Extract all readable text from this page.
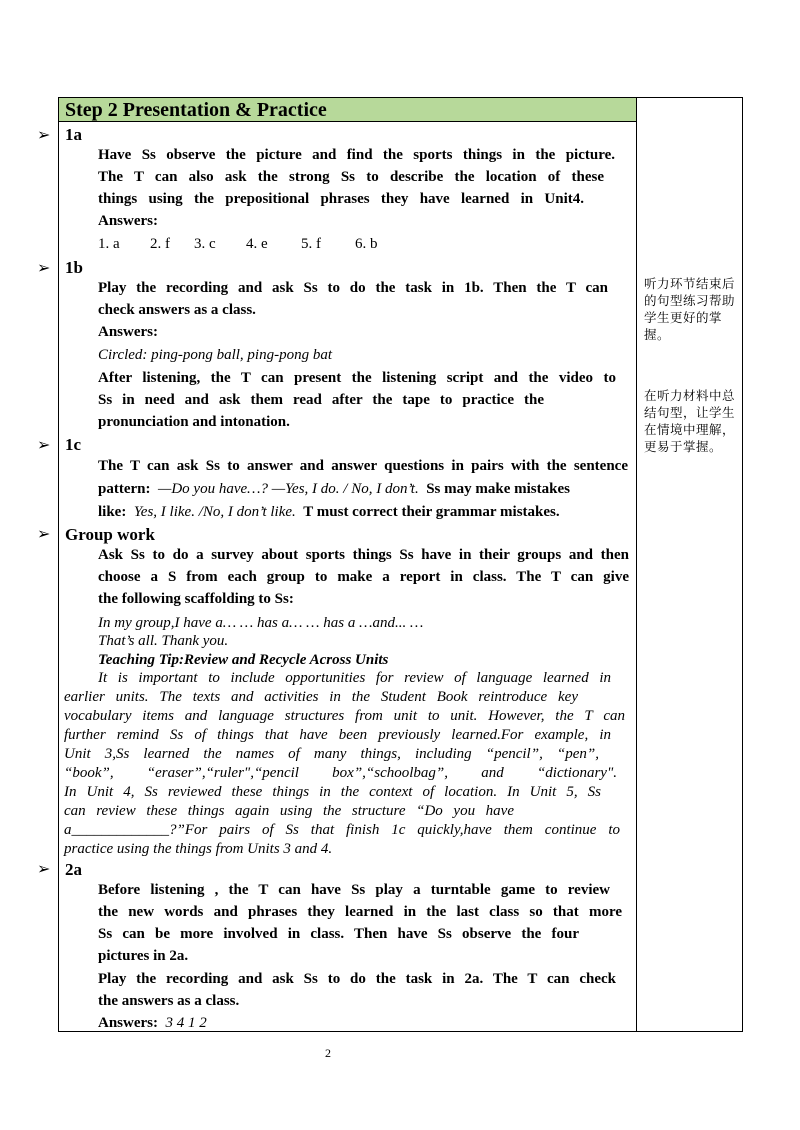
➢
➢
➢
➢
➢
Step 2 Presentation & Practice
1a
Have Ss observe the picture and find the sports things in the picture.
The T can also ask the strong Ss to describe the location of these
things using the prepositional phrases they have learned in Unit4.
Answers:
1. a 2. f 3. c 4. e 5. f 6. b
1b
Play the recording and ask Ss to do the task in 1b. Then the T can
check answers as a class.
Answers:
Circled: ping-pong ball, ping-pong bat
After listening, the T can present the listening script and the video to
Ss in need and ask them read after the tape to practice the
pronunciation and intonation.
1c
The T can ask Ss to answer and answer questions in pairs with the sentence
pattern: —Do you have…? —Yes, I do. / No, I don’t. Ss may make mistakes
like: Yes, I like. /No, I don’t like. T must correct their grammar mistakes.
Group work
Ask Ss to do a survey about sports things Ss have in their groups and then
choose a S from each group to make a report in class. The T can give
the following scaffolding to Ss:
In my group,I have a… … has a… … has a …and... …
That’s all. Thank you.
Teaching Tip:Review and Recycle Across Units
It is important to include opportunities for review of language learned in
earlier units. The texts and activities in the Student Book reintroduce key
vocabulary items and language structures from unit to unit. However, the T can
further remind Ss of things that have been previously learned.For example, in
Unit 3,Ss learned the names of many things, including “pencil”, “pen”,
“book”, “eraser”,“ruler",“pencil box”,“schoolbag”, and “dictionary".
In Unit 4, Ss reviewed these things in the context of location. In Unit 5, Ss
can review these things again using the structure “Do you have
a_____________?”For pairs of Ss that finish 1c quickly,have them continue to
practice using the things from Units 3 and 4.
2a
Before listening , the T can have Ss play a turntable game to review
the new words and phrases they learned in the last class so that more
Ss can be more involved in class. Then have Ss observe the four
pictures in 2a.
Play the recording and ask Ss to do the task in 2a. The T can check
the answers as a class.
Answers: 3 4 1 2
听力环节结束后的句型练习帮助学生更好的掌握。
在听力材料中总结句型，让学生在情境中理解，更易于掌握。
2
